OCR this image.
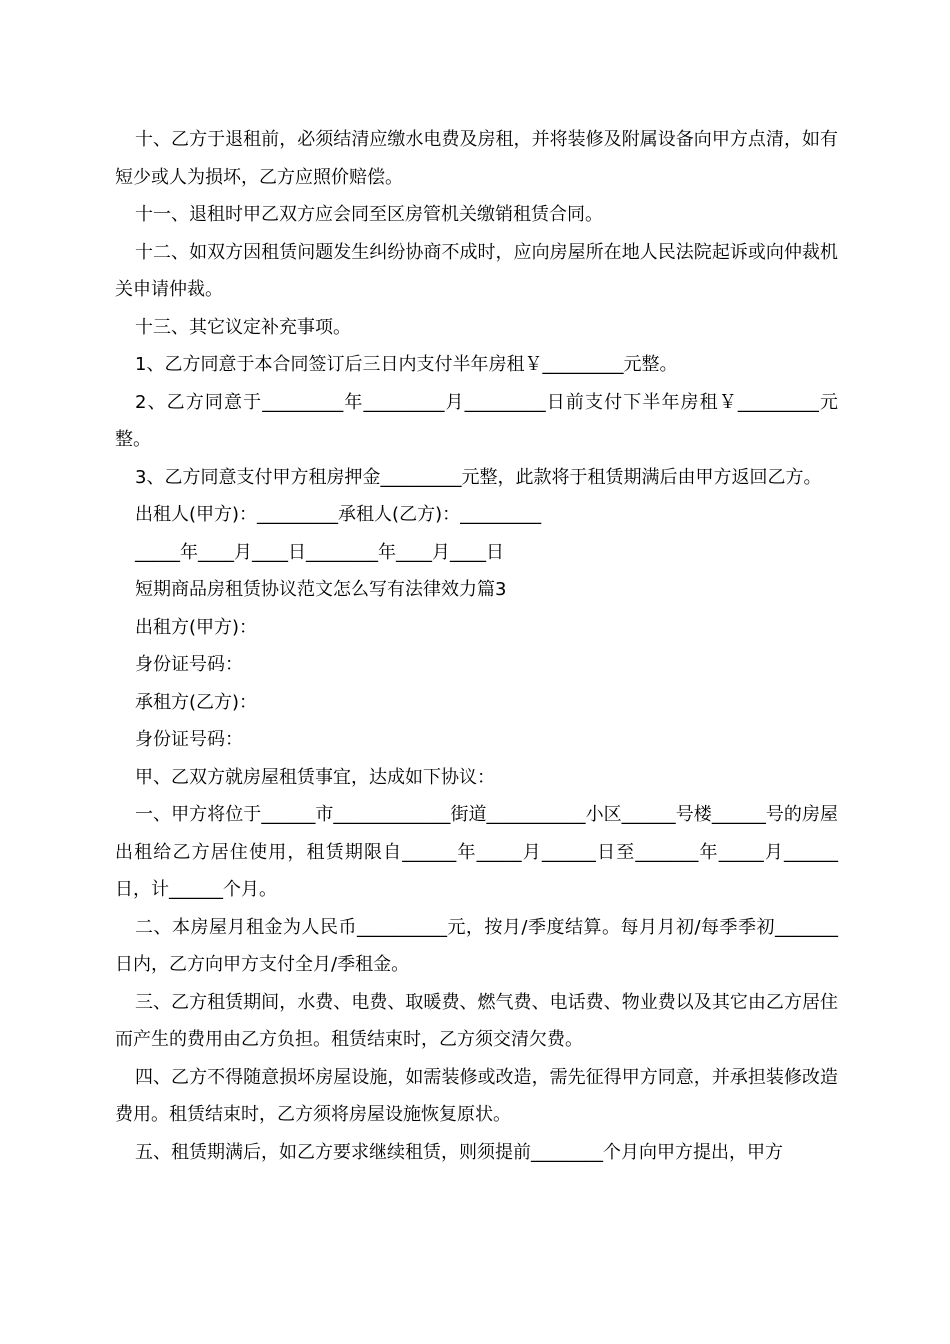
十、乙方于退租前，必须结清应缴水电费及房租，并将装修及附属设备向甲方点清，如有短少或人为损坏，乙方应照价赔偿。

十一、退租时甲乙双方应会同至区房管机关缴销租赁合同。

十二、如双方因租赁问题发生纠纷协商不成时，应向房屋所在地人民法院起诉或向仲裁机关申请仲裁。

十三、其它议定补充事项。

1、乙方同意于本合同签订后三日内支付半年房租￥_________元整。

2、乙方同意于_________年_________月_________日前支付下半年房租￥_________元整。

3、乙方同意支付甲方租房押金_________元整，此款将于租赁期满后由甲方返回乙方。

出租人(甲方)：_________承租人(乙方)：_________

_____年____月____日________年____月____日

短期商品房租赁协议范文怎么写有法律效力篇3

出租方(甲方)：

身份证号码：

承租方(乙方)：

身份证号码：

甲、乙双方就房屋租赁事宜，达成如下协议：

一、甲方将位于______市_____________街道___________小区______号楼______号的房屋出租给乙方居住使用，租赁期限自______年_____月______日至_______年_____月______日，计______个月。

二、本房屋月租金为人民币__________元，按月/季度结算。每月月初/每季季初_______日内，乙方向甲方支付全月/季租金。

三、乙方租赁期间，水费、电费、取暖费、燃气费、电话费、物业费以及其它由乙方居住而产生的费用由乙方负担。租赁结束时，乙方须交清欠费。

四、乙方不得随意损坏房屋设施，如需装修或改造，需先征得甲方同意，并承担装修改造费用。租赁结束时，乙方须将房屋设施恢复原状。

五、租赁期满后，如乙方要求继续租赁，则须提前________个月向甲方提出，甲方
